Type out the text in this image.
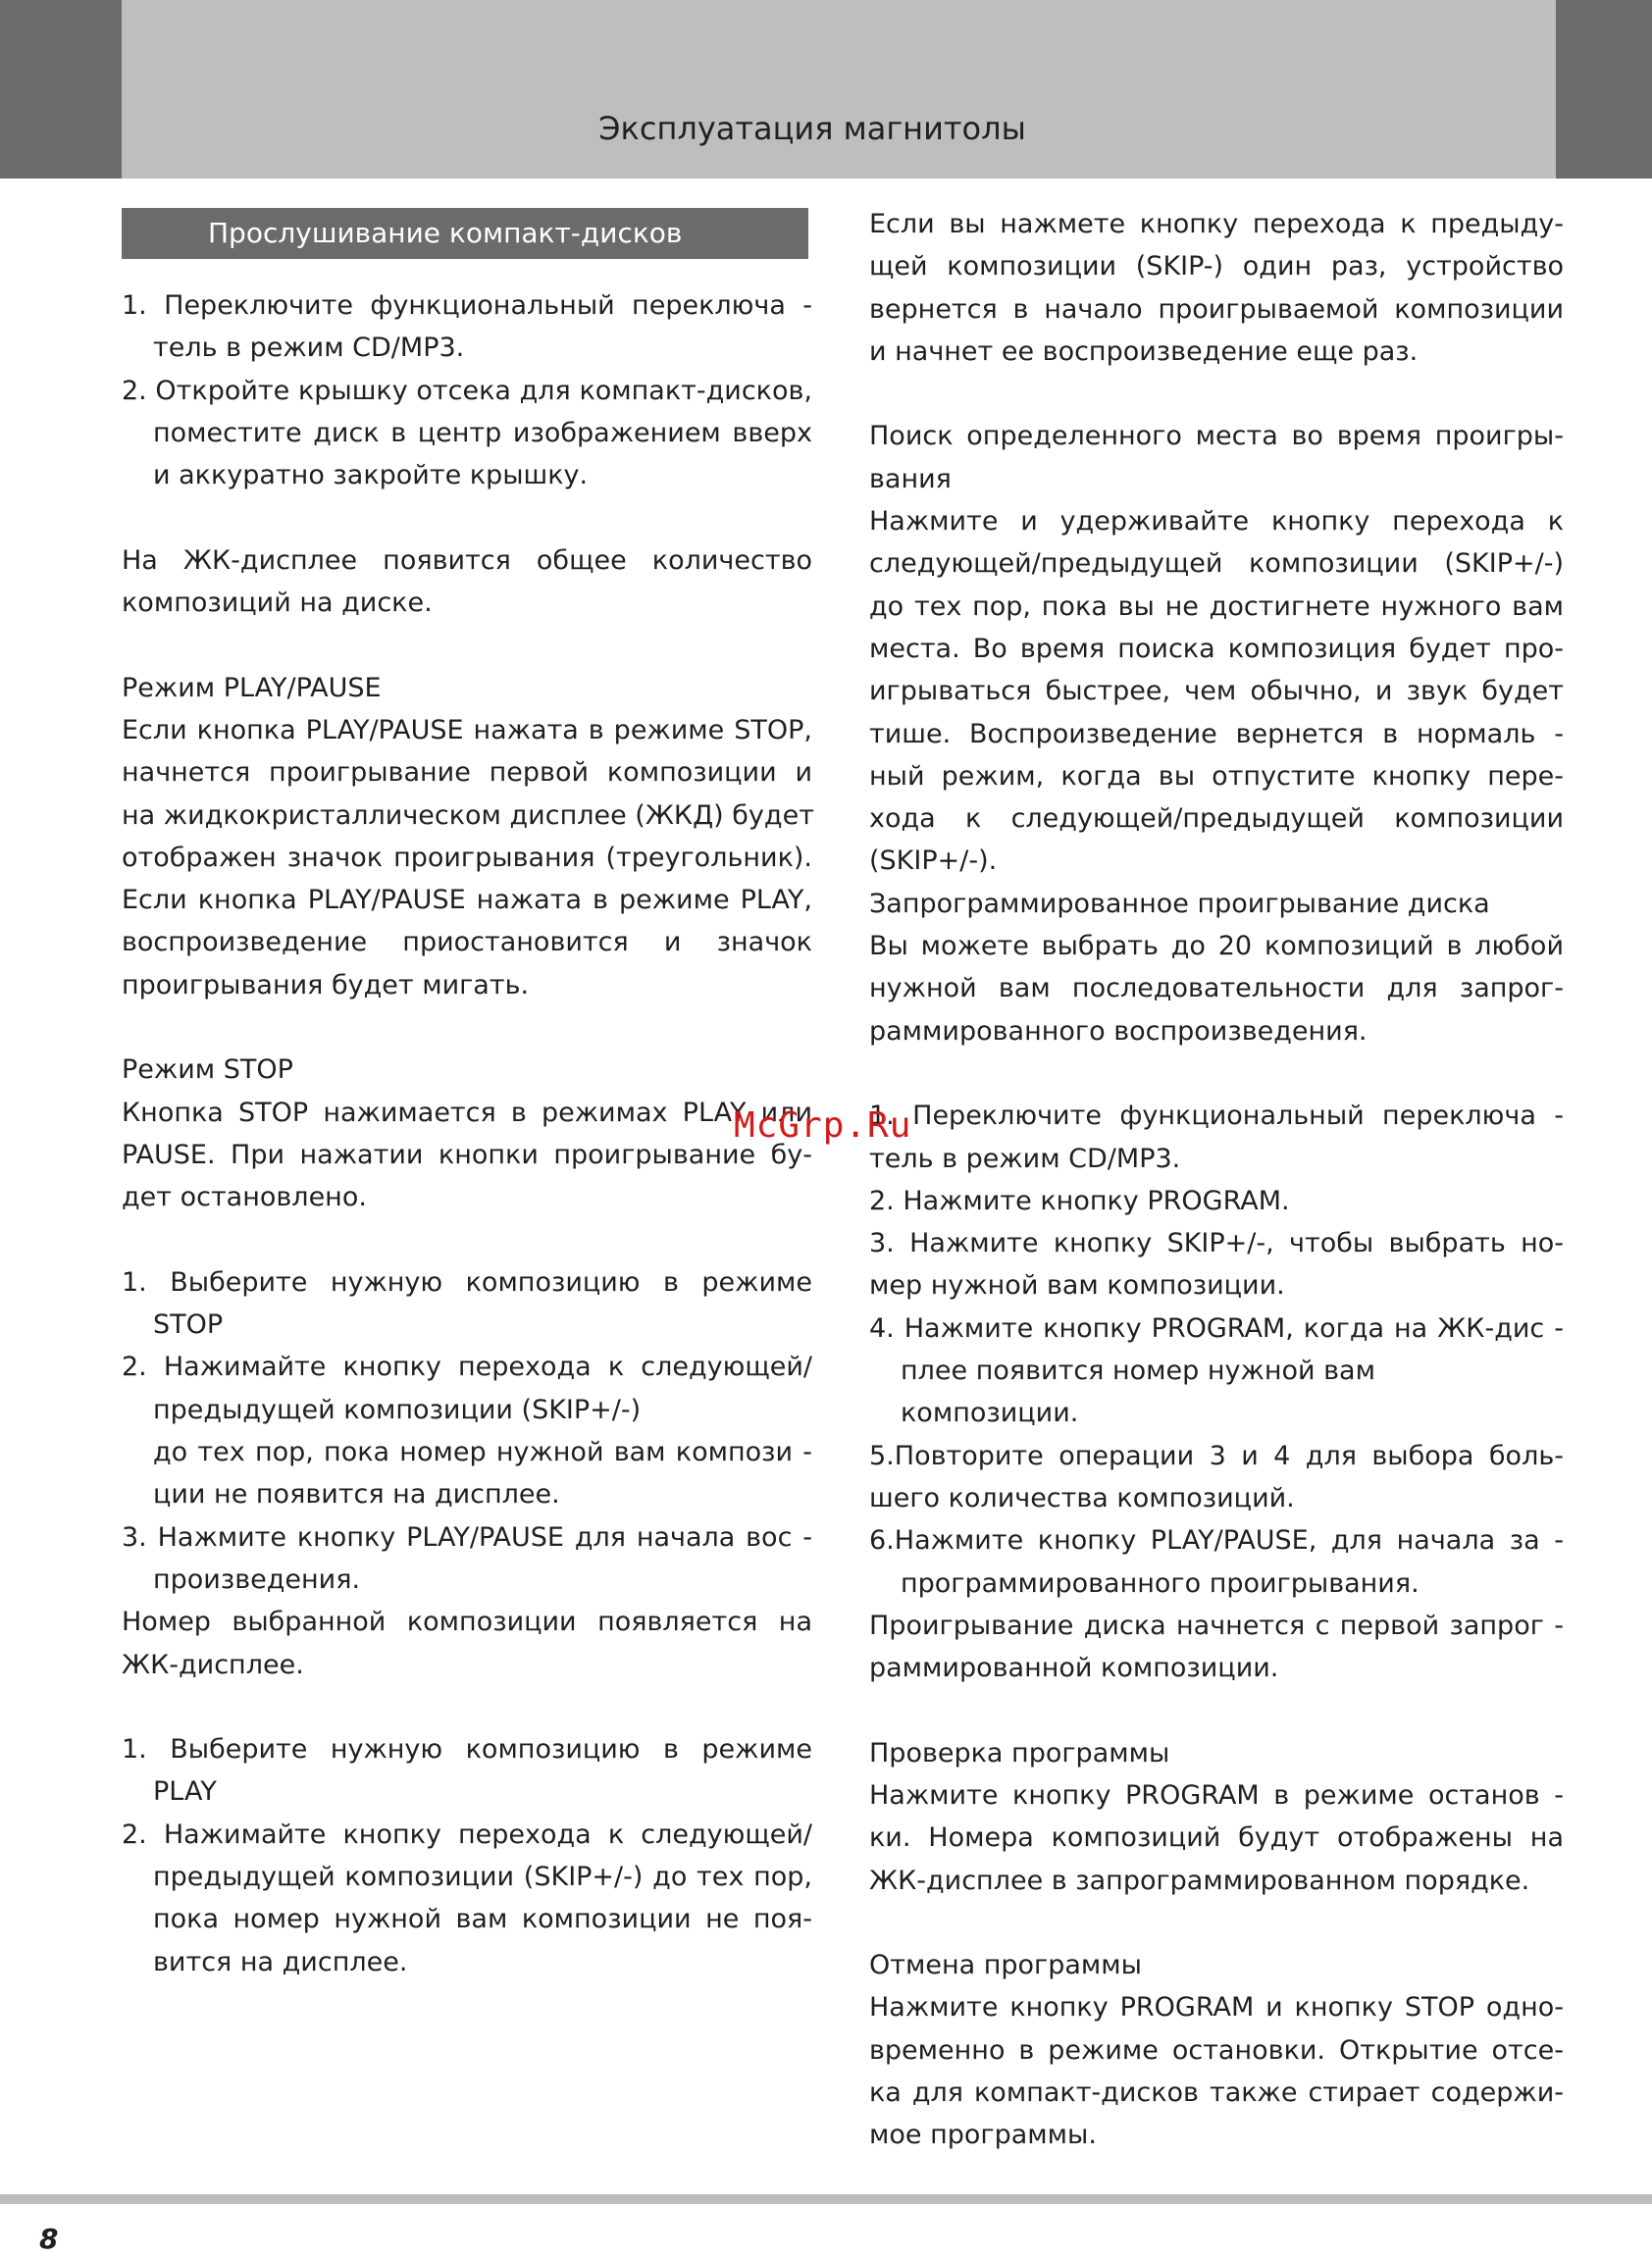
Эксплуатация магнитолы
Прослушивание компакт-дисков
1. Переключите функциональный переключа -
тель в режим CD/MP3.
2. Откройте крышку отсека для компакт-дисков,
поместите диск в центр изображением вверх
и аккуратно закройте крышку.
На ЖК-дисплее появится общее количество
композиций на диске.
Режим PLAY/PAUSE
Если кнопка PLAY/PAUSE нажата в режиме STOP,
начнется проигрывание первой композиции и
на жидкокристаллическом дисплее (ЖКД) будет
отображен значок проигрывания (треугольник).
Если кнопка PLAY/PAUSE нажата в режиме PLAY,
воспроизведение приостановится и значок
проигрывания будет мигать.
Режим STOP
Кнопка STOP нажимается в режимах PLAY или
PAUSE. При нажатии кнопки проигрывание бу-
дет остановлено.
1. Выберите нужную композицию в режиме
STOP
2. Нажимайте кнопку перехода к следующей/
предыдущей композиции (SKIP+/-)
до тех пор, пока номер нужной вам компози -
ции не появится на дисплее.
3. Нажмите кнопку PLAY/PAUSE для начала вос -
произведения.
Номер выбранной композиции появляется на
ЖК-дисплее.
1. Выберите нужную композицию в режиме
PLAY
2. Нажимайте кнопку перехода к следующей/
предыдущей композиции (SKIP+/-) до тех пор,
пока номер нужной вам композиции не поя-
вится на дисплее.
Если вы нажмете кнопку перехода к предыду-
щей композиции (SKIP-) один раз, устройство
вернется в начало проигрываемой композиции
и начнет ее воспроизведение еще раз.
Поиск определенного места во время проигры-
вания
Нажмите и удерживайте кнопку перехода к
следующей/предыдущей композиции (SKIP+/-)
до тех пор, пока вы не достигнете нужного вам
места. Во время поиска композиция будет про-
игрываться быстрее, чем обычно, и звук будет
тише. Воспроизведение вернется в нормаль -
ный режим, когда вы отпустите кнопку пере-
хода к следующей/предыдущей композиции
(SKIP+/-).
Запрограммированное проигрывание диска
Вы можете выбрать до 20 композиций в любой
нужной вам последовательности для запрог-
раммированного воспроизведения.
1. Переключите функциональный переключа -
тель в режим CD/MP3.
2. Нажмите кнопку PROGRAM.
3. Нажмите кнопку SKIP+/-, чтобы выбрать но-
мер нужной вам композиции.
4. Нажмите кнопку PROGRAM, когда на ЖК-дис -
плее появится номер нужной вам
композиции.
5.Повторите операции 3 и 4 для выбора боль-
шего количества композиций.
6.Нажмите кнопку PLAY/PAUSE, для начала за -
программированного проигрывания.
Проигрывание диска начнется с первой запрог -
раммированной композиции.
Проверка программы
Нажмите кнопку PROGRAM в режиме останов -
ки. Номера композиций будут отображены на
ЖК-дисплее в запрограммированном порядке.
Отмена программы
Нажмите кнопку PROGRAM и кнопку STOP одно-
временно в режиме остановки. Открытие отсе-
ка для компакт-дисков также стирает содержи-
мое программы.
McGrp.Ru
8
